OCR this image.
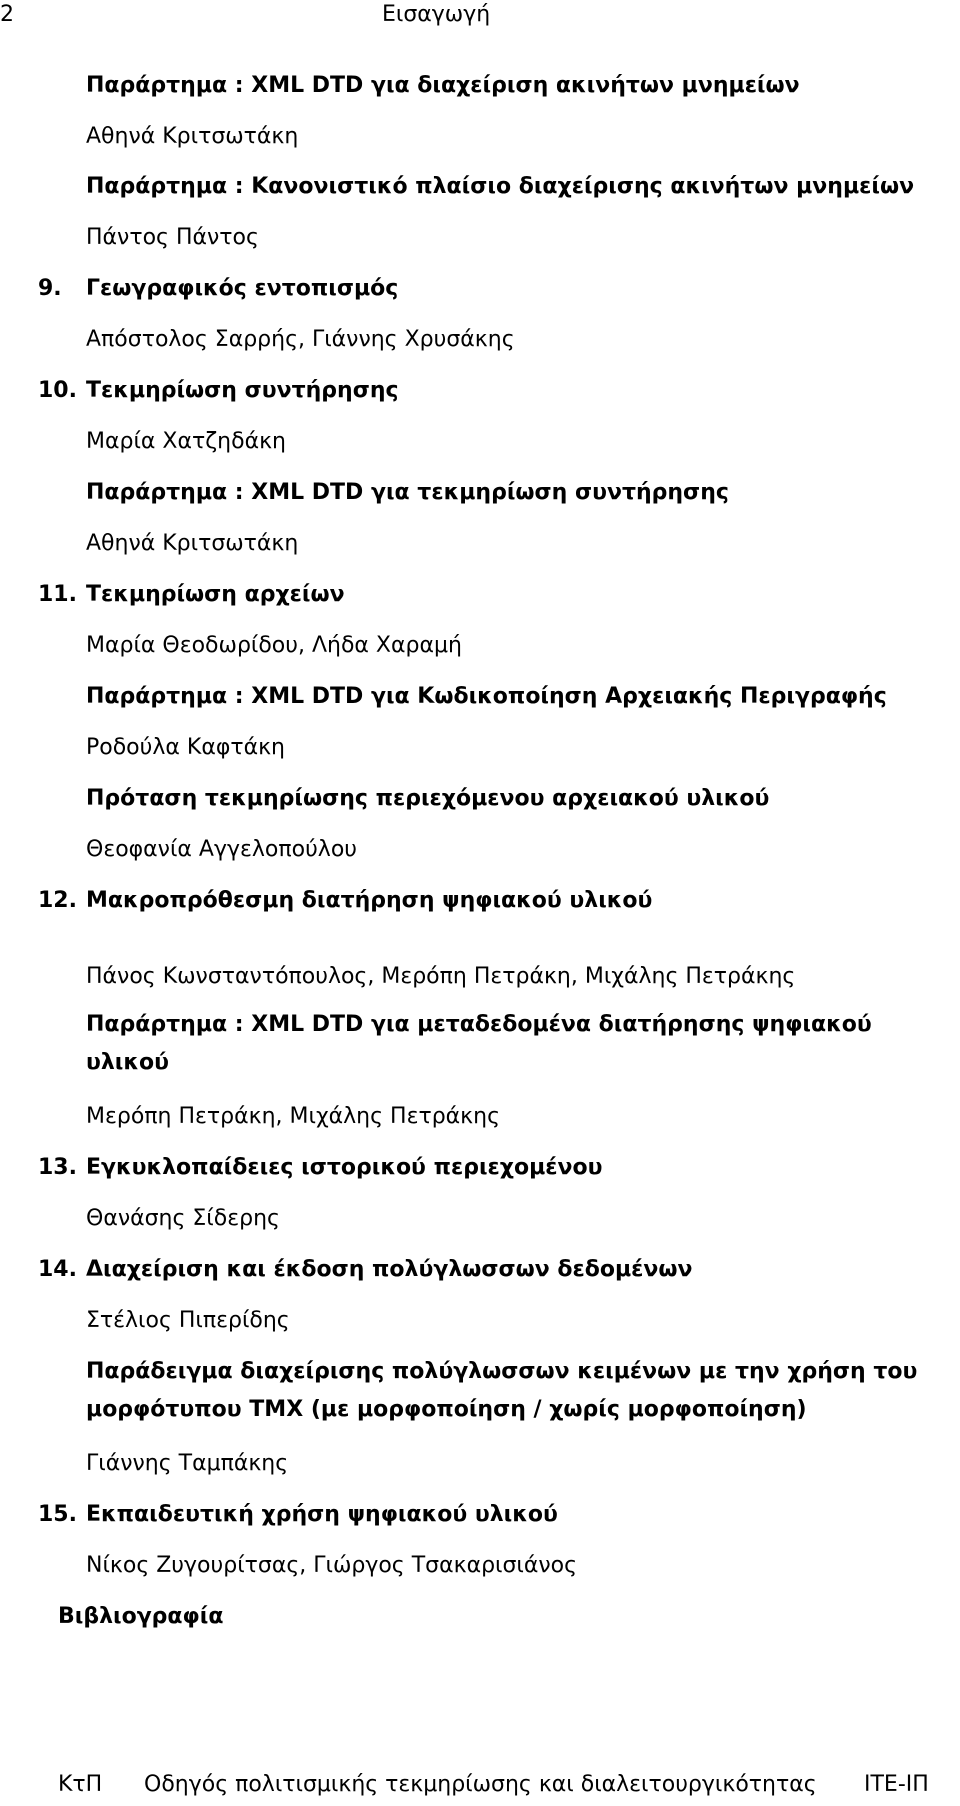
2	Εισαγωγή
Παράρτημα : XML DTD για διαχείριση ακινήτων μνημείων
Αθηνά Κριτσωτάκη
Παράρτημα : Κανονιστικό πλαίσιο διαχείρισης ακινήτων μνημείων
Πάντος Πάντος
9. Γεωγραφικός εντοπισμός
Απόστολος Σαρρής, Γιάννης Χρυσάκης
10. Τεκμηρίωση συντήρησης
Μαρία Χατζηδάκη
Παράρτημα : XML DTD για τεκμηρίωση συντήρησης
Αθηνά Κριτσωτάκη
11. Τεκμηρίωση αρχείων
Μαρία Θεοδωρίδου, Λήδα Χαραμή
Παράρτημα : XML DTD για Κωδικοποίηση Αρχειακής Περιγραφής
Ροδούλα Καφτάκη
Πρόταση τεκμηρίωσης περιεχόμενου αρχειακού υλικού
Θεοφανία Αγγελοπούλου
12. Μακροπρόθεσμη διατήρηση ψηφιακού υλικού
Πάνος Κωνσταντόπουλος, Μερόπη Πετράκη, Μιχάλης Πετράκης
Παράρτημα : XML DTD για μεταδεδομένα διατήρησης ψηφιακού υλικού
Μερόπη Πετράκη, Μιχάλης Πετράκης
13. Εγκυκλοπαίδειες ιστορικού περιεχομένου
Θανάσης Σίδερης
14. Διαχείριση και έκδοση πολύγλωσσων δεδομένων
Στέλιος Πιπερίδης
Παράδειγμα διαχείρισης πολύγλωσσων κειμένων με την χρήση του μορφότυπου TMX (με μορφοποίηση / χωρίς μορφοποίηση)
Γιάννης Ταμπάκης
15. Εκπαιδευτική χρήση ψηφιακού υλικού
Νίκος Ζυγουρίτσας, Γιώργος Τσακαρισιάνος
Βιβλιογραφία
ΚτΠ Οδηγός πολιτισμικής τεκμηρίωσης και διαλειτουργικότητας ΙΤΕ-ΙΠ
